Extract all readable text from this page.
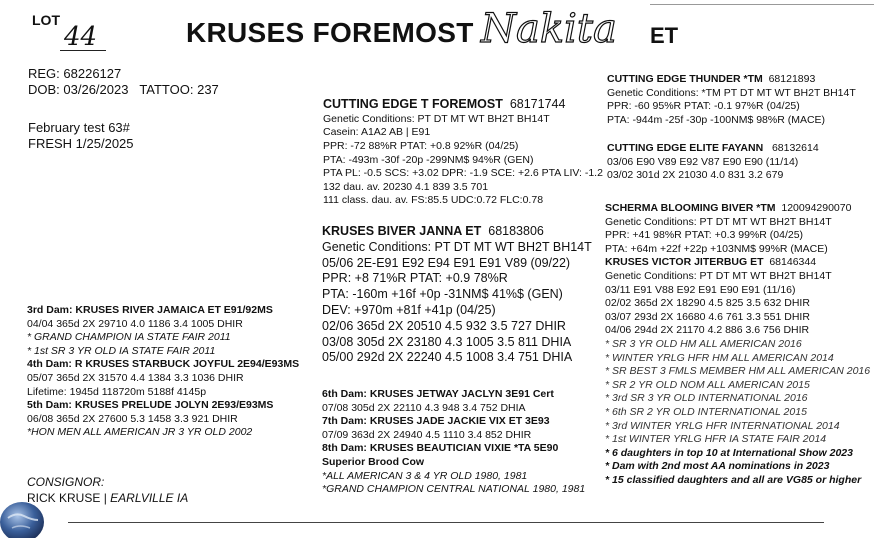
LOT
44	KRUSES FOREMOST Nakita ET
REG: 68226127
DOB: 03/26/2023 TATTOO: 237
February test 63#
FRESH 1/25/2025
CUTTING EDGE T FOREMOST 68171744
Genetic Conditions: PT DT MT WT BH2T BH14T
Casein: A1A2 AB | E91
PPR: -72 88%R PTAT: +0.8 92%R (04/25)
PTA: -493m -30f -20p -299NM$ 94%R (GEN)
PTA PL: -0.5 SCS: +3.02 DPR: -1.9 SCE: +2.6 PTA LIV: -1.2
132 dau. av. 20230 4.1 839 3.5 701
111 class. dau. av. FS:85.5 UDC:0.72 FLC:0.78
KRUSES BIVER JANNA ET 68183806
Genetic Conditions: PT DT MT WT BH2T BH14T
05/06 2E-E91 E92 E94 E91 E91 V89 (09/22)
PPR: +8 71%R PTAT: +0.9 78%R
PTA: -160m +16f +0p -31NM$ 41%$ (GEN)
DEV: +970m +81f +41p (04/25)
02/06 365d 2X 20510 4.5 932 3.5 727 DHIR
03/08 305d 2X 23180 4.3 1005 3.5 811 DHIA
05/00 292d 2X 22240 4.5 1008 3.4 751 DHIA
CUTTING EDGE THUNDER *TM 68121893
Genetic Conditions: *TM PT DT MT WT BH2T BH14T
PPR: -60 95%R PTAT: -0.1 97%R (04/25)
PTA: -944m -25f -30p -100NM$ 98%R (MACE)
CUTTING EDGE ELITE FAYANN 68132614
03/06 E90 V89 E92 V87 E90 E90 (11/14)
03/02 301d 2X 21030 4.0 831 3.2 679
SCHERMA BLOOMING BIVER *TM 120094290070
Genetic Conditions: PT DT MT WT BH2T BH14T
PPR: +41 98%R PTAT: +0.3 99%R (04/25)
PTA: +64m +22f +22p +103NM$ 99%R (MACE)
KRUSES VICTOR JITERBUG ET 68146344
Genetic Conditions: PT DT MT WT BH2T BH14T
03/11 E91 V88 E92 E91 E90 E91 (11/16)
02/02 365d 2X 18290 4.5 825 3.5 632 DHIR
03/07 293d 2X 16680 4.6 761 3.3 551 DHIR
04/06 294d 2X 21170 4.2 886 3.6 756 DHIR
* SR 3 YR OLD HM ALL AMERICAN 2016
* WINTER YRLG HFR HM ALL AMERICAN 2014
* SR BEST 3 FMLS MEMBER HM ALL AMERICAN 2016
* SR 2 YR OLD NOM ALL AMERICAN 2015
* 3rd SR 3 YR OLD INTERNATIONAL 2016
* 6th SR 2 YR OLD INTERNATIONAL 2015
* 3rd WINTER YRLG HFR INTERNATIONAL 2014
* 1st WINTER YRLG HFR IA STATE FAIR 2014
* 6 daughters in top 10 at International Show 2023
* Dam with 2nd most AA nominations in 2023
* 15 classified daughters and all are VG85 or higher
3rd Dam: KRUSES RIVER JAMAICA ET E91/92MS
04/04 365d 2X 29710 4.0 1186 3.4 1005 DHIR
* GRAND CHAMPION IA STATE FAIR 2011
* 1st SR 3 YR OLD IA STATE FAIR 2011
4th Dam: R KRUSES STARBUCK JOYFUL 2E94/E93MS
05/07 365d 2X 31570 4.4 1384 3.3 1036 DHIR
Lifetime: 1945d 118720m 5188f 4145p
5th Dam: KRUSES PRELUDE JOLYN 2E93/E93MS
06/08 365d 2X 27600 5.3 1458 3.3 921 DHIR
*HON MEN ALL AMERICAN JR 3 YR OLD 2002
6th Dam: KRUSES JETWAY JACLYN 3E91 Cert
07/08 305d 2X 22110 4.3 948 3.4 752 DHIA
7th Dam: KRUSES JADE JACKIE VIX ET 3E93
07/09 363d 2X 24940 4.5 1110 3.4 852 DHIR
8th Dam: KRUSES BEAUTICIAN VIXIE *TA 5E90
Superior Brood Cow
*ALL AMERICAN 3 & 4 YR OLD 1980, 1981
*GRAND CHAMPION CENTRAL NATIONAL 1980, 1981
CONSIGNOR:
RICK KRUSE | EARLVILLE IA
